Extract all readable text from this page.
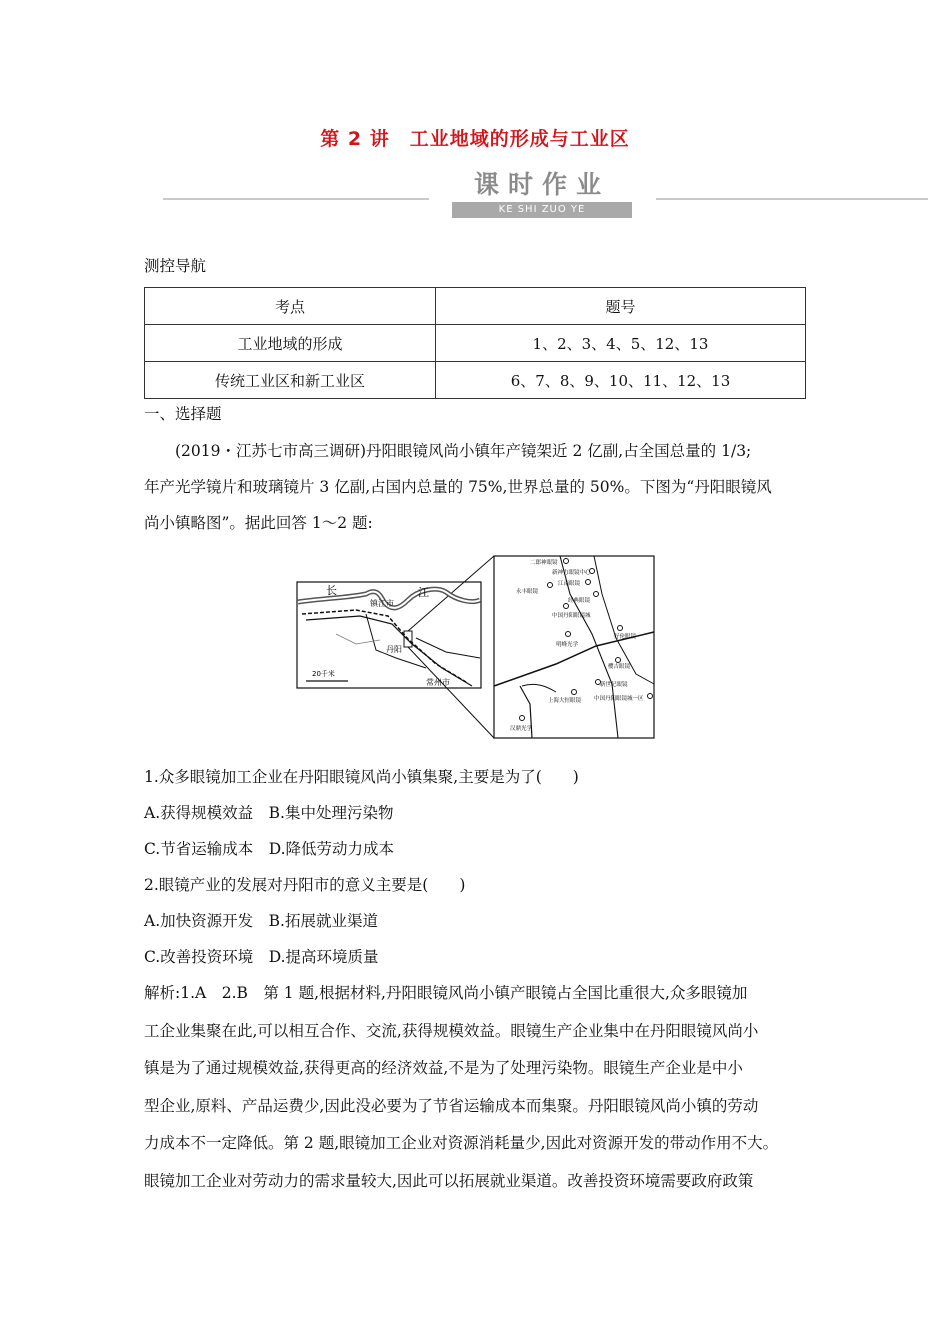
第 2 讲　工业地域的形成与工业区
课时作业
KE SHI ZUO YE
测控导航
考点	题号
工业地域的形成	1、2、3、4、5、12、13
传统工业区和新工业区	6、7、8、9、10、11、12、13
一、选择题
(2019・江苏七市高三调研)丹阳眼镜风尚小镇年产镜架近 2 亿副,占全国总量的 1/3;
年产光学镜片和玻璃镜片 3 亿副,占国内总量的 75%,世界总量的 50%。下图为“丹阳眼镜风
尚小镇略图”。据此回答 1～2 题:
长	江
镇江市
丹阳
常州市
20千米
二郎神眼镜
新神力眼镜中心
江南眼镜
永丰眼镜
经典眼镜
中国丹阳眼镜城
明峰光学
好伦眼镜
樱吉眼镜
新世纪眼镜
上海大恒眼镜 中国丹阳眼镜城一区
汉鼎光学
1.众多眼镜加工企业在丹阳眼镜风尚小镇集聚,主要是为了(　　)
A.获得规模效益　B.集中处理污染物
C.节省运输成本　D.降低劳动力成本
2.眼镜产业的发展对丹阳市的意义主要是(　　)
A.加快资源开发　B.拓展就业渠道
C.改善投资环境　D.提高环境质量
解析:1.A　2.B　第 1 题,根据材料,丹阳眼镜风尚小镇产眼镜占全国比重很大,众多眼镜加
工企业集聚在此,可以相互合作、交流,获得规模效益。眼镜生产企业集中在丹阳眼镜风尚小
镇是为了通过规模效益,获得更高的经济效益,不是为了处理污染物。眼镜生产企业是中小
型企业,原料、产品运费少,因此没必要为了节省运输成本而集聚。丹阳眼镜风尚小镇的劳动
力成本不一定降低。第 2 题,眼镜加工企业对资源消耗量少,因此对资源开发的带动作用不大。
眼镜加工企业对劳动力的需求量较大,因此可以拓展就业渠道。改善投资环境需要政府政策
